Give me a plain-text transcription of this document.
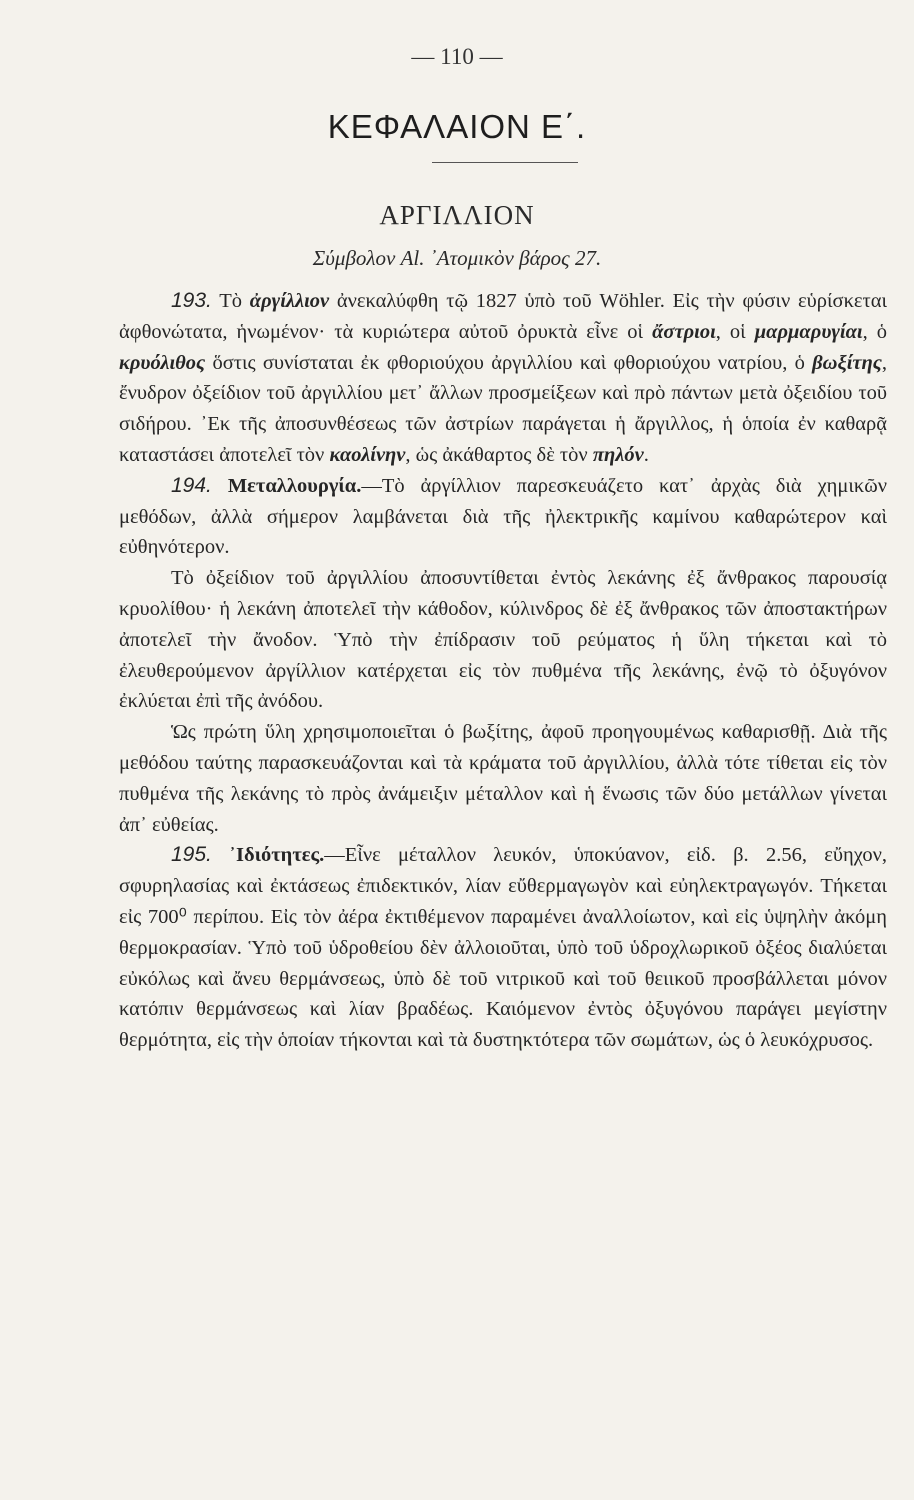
— 110 —
ΚΕΦΑΛΑΙΟΝ Ε΄.
ΑΡΓΙΛΛΙΟΝ
Σύμβολον Al. ᾿Ατομικὸν βάρος 27.

193. Τὸ ἀργίλλιον ἀνεκαλύφθη τῷ 1827 ὑπὸ τοῦ Wöhler. Εἰς τὴν φύσιν εὑρίσκεται ἀφθονώτατα, ἡνωμένον· τὰ κυριώτερα αὐτοῦ ὀρυκτὰ εἶνε οἱ ἄστριοι, οἱ μαρμαρυγίαι, ὁ κρυόλιθος ὅστις συνίσταται ἐκ φθοριούχου ἀργιλλίου καὶ φθοριούχου νατρίου, ὁ βωξίτης, ἔνυδρον ὀξείδιον τοῦ ἀργιλλίου μετ᾿ ἄλλων προσμείξεων καὶ πρὸ πάντων μετὰ ὀξειδίου τοῦ σιδήρου. ᾿Εκ τῆς ἀποσυνθέσεως τῶν ἀστρίων παράγεται ἡ ἄργιλλος, ἡ ὁποία ἐν καθαρᾷ καταστάσει ἀποτελεῖ τὸν καολίνην, ὡς ἀκάθαρτος δὲ τὸν πηλόν.

194. Μεταλλουργία.—Τὸ ἀργίλλιον παρεσκευάζετο κατ᾿ ἀρχὰς διὰ χημικῶν μεθόδων, ἀλλὰ σήμερον λαμβάνεται διὰ τῆς ἠλεκτρικῆς καμίνου καθαρώτερον καὶ εὐθηνότερον.

Τὸ ὀξείδιον τοῦ ἀργιλλίου ἀποσυντίθεται ἐντὸς λεκάνης ἐξ ἄνθρακος παρουσίᾳ κρυολίθου· ἡ λεκάνη ἀποτελεῖ τὴν κάθοδον, κύλινδρος δὲ ἐξ ἄνθρακος τῶν ἀποστακτήρων ἀποτελεῖ τὴν ἄνοδον. Ὑπὸ τὴν ἐπίδρασιν τοῦ ρεύματος ἡ ὕλη τήκεται καὶ τὸ ἐλευθερούμενον ἀργίλλιον κατέρχεται εἰς τὸν πυθμένα τῆς λεκάνης, ἐνῷ τὸ ὀξυγόνον ἐκλύεται ἐπὶ τῆς ἀνόδου.

Ὡς πρώτη ὕλη χρησιμοποιεῖται ὁ βωξίτης, ἀφοῦ προηγουμένως καθαρισθῇ. Διὰ τῆς μεθόδου ταύτης παρασκευάζονται καὶ τὰ κράματα τοῦ ἀργιλλίου, ἀλλὰ τότε τίθεται εἰς τὸν πυθμένα τῆς λεκάνης τὸ πρὸς ἀνάμειξιν μέταλλον καὶ ἡ ἕνωσις τῶν δύο μετάλλων γίνεται ἀπ᾿ εὐθείας.

195. ᾿Ιδιότητες.—Εἶνε μέταλλον λευκόν, ὑποκύανον, εἰδ. β. 2.56, εὔηχον, σφυρηλασίας καὶ ἐκτάσεως ἐπιδεκτικόν, λίαν εὔθερμαγωγὸν καὶ εὐηλεκτραγωγόν. Τήκεται εἰς 700⁰ περίπου. Εἰς τὸν ἀέρα ἐκτιθέμενον παραμένει ἀναλλοίωτον, καὶ εἰς ὑψηλὴν ἀκόμη θερμοκρασίαν. Ὑπὸ τοῦ ὑδροθείου δὲν ἀλλοιοῦται, ὑπὸ τοῦ ὑδροχλωρικοῦ ὀξέος διαλύεται εὐκόλως καὶ ἄνευ θερμάνσεως, ὑπὸ δὲ τοῦ νιτρικοῦ καὶ τοῦ θειικοῦ προσβάλλεται μόνον κατόπιν θερμάνσεως καὶ λίαν βραδέως. Καιόμενον ἐντὸς ὀξυγόνου παράγει μεγίστην θερμότητα, εἰς τὴν ὁποίαν τήκονται καὶ τὰ δυστηκτότερα τῶν σωμάτων, ὡς ὁ λευκόχρυσος.
